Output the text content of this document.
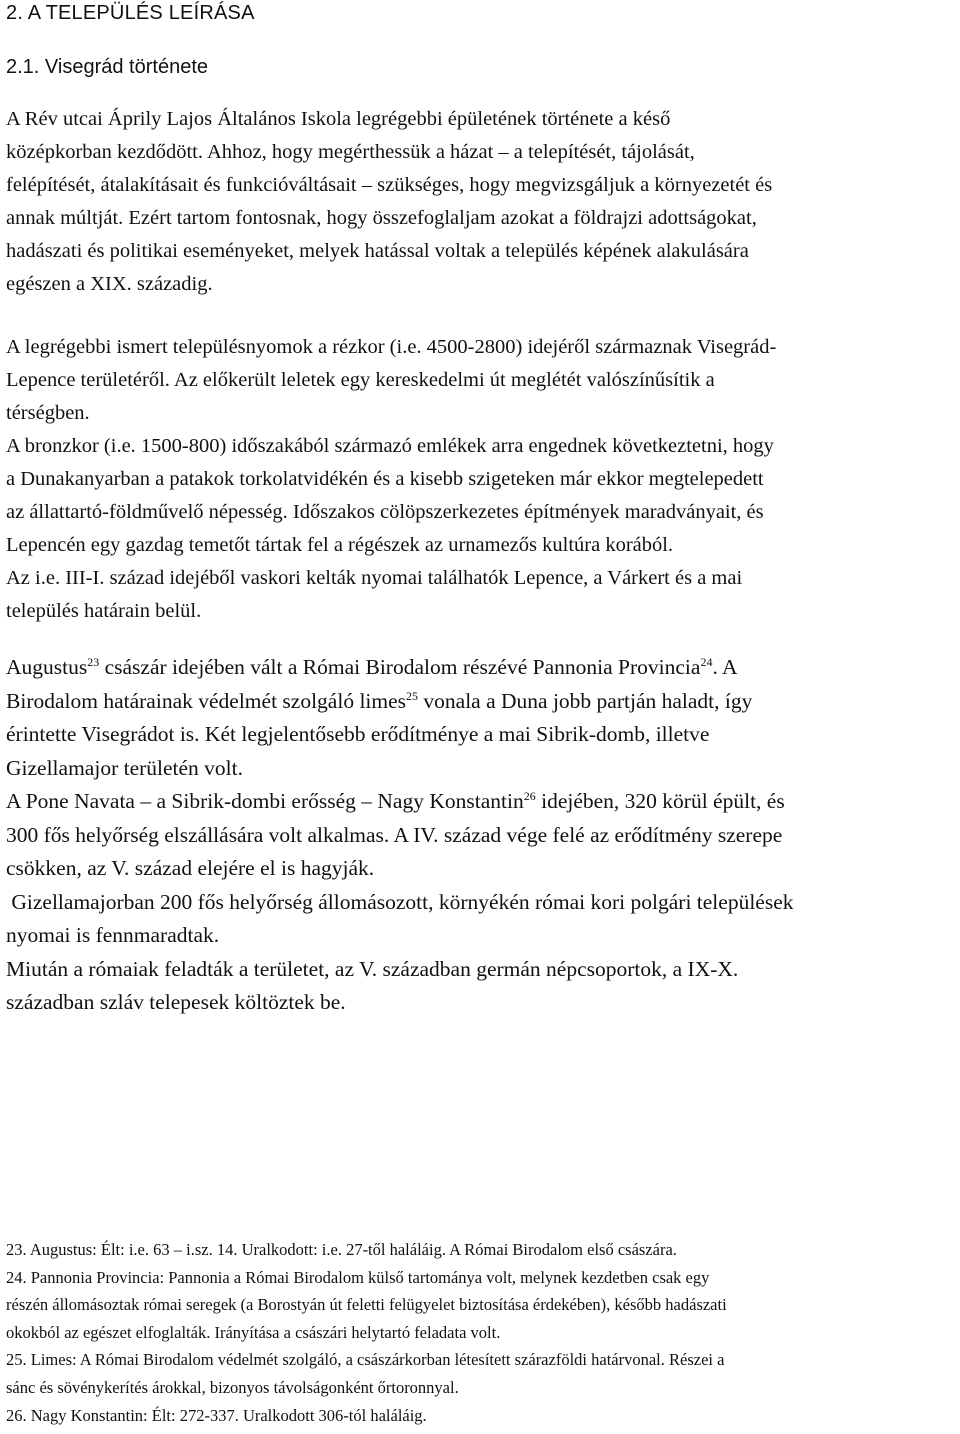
2. A TELEPÜLÉS LEÍRÁSA
2.1. Visegrád története

A Rév utcai Áprily Lajos Általános Iskola legrégebbi épületének története a késő

középkorban kezdődött. Ahhoz, hogy megérthessük a házat – a telepítését, tájolását,

felépítését, átalakításait és funkcióváltásait – szükséges, hogy megvizsgáljuk a környezetét és

annak múltját. Ezért tartom fontosnak, hogy összefoglaljam azokat a földrajzi adottságokat,

hadászati és politikai eseményeket, melyek hatással voltak a település képének alakulására

egészen a XIX. századig.

A legrégebbi ismert településnyomok a rézkor (i.e. 4500-2800) idejéről származnak Visegrád-

Lepence területéről. Az előkerült leletek egy kereskedelmi út meglétét valószínűsítik a

térségben.

A bronzkor (i.e. 1500-800) időszakából származó emlékek arra engednek következtetni, hogy

a Dunakanyarban a patakok torkolatvidékén és a kisebb szigeteken már ekkor megtelepedett

az állattartó-földművelő népesség. Időszakos cölöpszerkezetes építmények maradványait, és

Lepencén egy gazdag temetőt tártak fel a régészek az urnamezős kultúra korából.

Az i.e. III-I. század idejéből vaskori kelták nyomai találhatók Lepence, a Várkert és a mai

település határain belül.

Augustus$^{23}$ császár idejében vált a Római Birodalom részévé Pannonia Provincia$^{24}$. A

Birodalom határainak védelmét szolgáló limes$^{25}$ vonala a Duna jobb partján haladt, így

érintette Visegrádot is. Két legjelentősebb erődítménye a mai Sibrik-domb, illetve

Gizellamajor területén volt.

A Pone Navata – a Sibrik-dombi erősség – Nagy Konstantin$^{26}$ idejében, 320 körül épült, és

300 fős helyőrség elszállására volt alkalmas. A IV. század vége felé az erődítmény szerepe

csökken, az V. század elejére el is hagyják.

Gizellamajorban 200 fős helyőrség állomásozott, környékén római kori polgári települések

nyomai is fennmaradtak.

Miután a rómaiak feladták a területet, az V. században germán népcsoportok, a IX-X.

században szláv telepesek költöztek be.

23. Augustus: Élt: i.e. 63 – i.sz. 14. Uralkodott: i.e. 27-től haláláig. A Római Birodalom első császára.

24. Pannonia Provincia: Pannonia a Római Birodalom külső tartománya volt, melynek kezdetben csak egy

részén állomásoztak római seregek (a Borostyán út feletti felügyelet biztosítása érdekében), később hadászati

okokból az egészet elfoglalták. Irányítása a császári helytartó feladata volt.

25. Limes: A Római Birodalom védelmét szolgáló, a császárkorban létesített szárazföldi határvonal. Részei a

sánc és sövénykerítés árokkal, bizonyos távolságonként őrtoronnyal.

26. Nagy Konstantin: Élt: 272-337. Uralkodott 306-tól haláláig.
